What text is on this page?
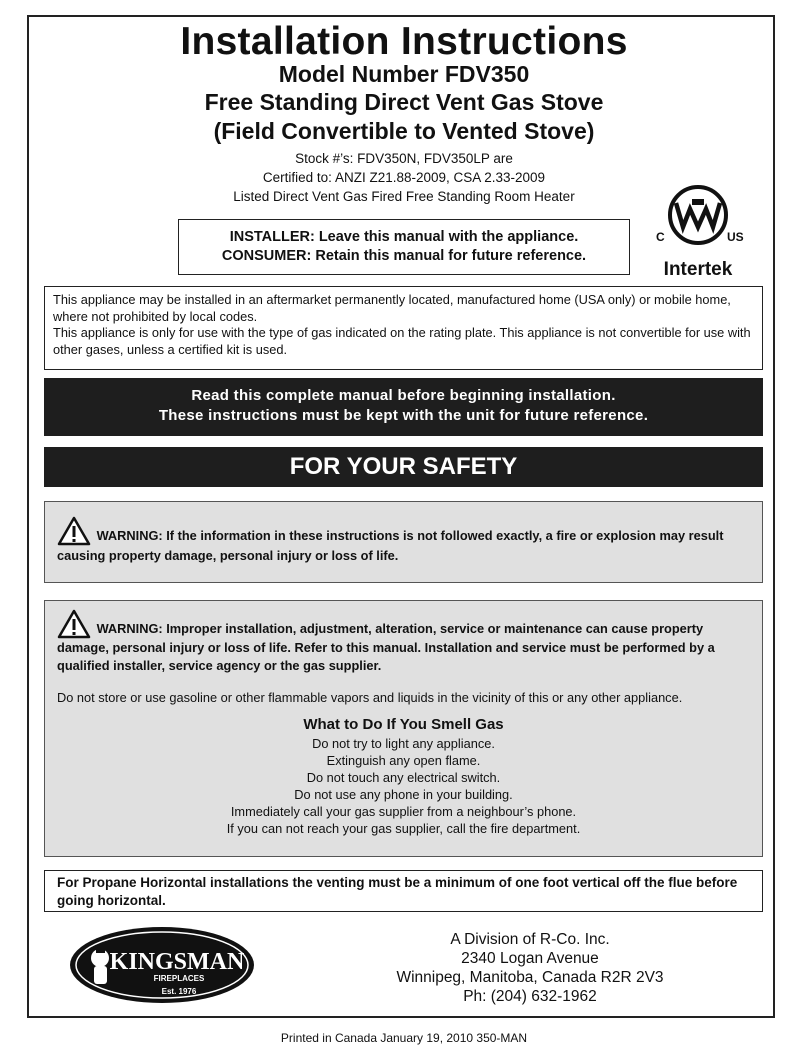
Installation Instructions
Model Number FDV350
Free Standing Direct Vent Gas Stove
(Field Convertible to Vented Stove)
Stock #’s: FDV350N, FDV350LP are
Certified to: ANZI Z21.88-2009, CSA 2.33-2009
Listed Direct Vent Gas Fired Free Standing Room Heater
INSTALLER: Leave this manual with the appliance.
CONSUMER: Retain this manual for future reference.
C	US
Intertek

This appliance may be installed in an aftermarket permanently located, manufactured home (USA only) or mobile home, where not prohibited by local codes.

This appliance is only for use with the type of gas indicated on the rating plate. This appliance is not convertible for use with other gases, unless a certified kit is used.

Read this complete manual before beginning installation.
These instructions must be kept with the unit for future reference.
FOR YOUR SAFETY
WARNING: If the information in these instructions is not followed exactly, a fire or explosion may result causing property damage, personal injury or loss of life.

WARNING: Improper installation, adjustment, alteration, service or maintenance can cause property damage, personal injury or loss of life. Refer to this manual. Installation and service must be performed by a qualified installer, service agency or the gas supplier.

Do not store or use gasoline or other flammable vapors and liquids in the vicinity of this or any other appliance.

What to Do If You Smell Gas
Do not try to light any appliance.
Extinguish any open flame.
Do not touch any electrical switch.
Do not use any phone in your building.
Immediately call your gas supplier from a neighbour’s phone.
If you can not reach your gas supplier, call the fire department.
For Propane Horizontal installations the venting must be a minimum of one foot vertical off the flue before going horizontal.
KINGSMAN
FIREPLACES
Est. 1976
A Division of R-Co. Inc.
2340 Logan Avenue
Winnipeg, Manitoba, Canada R2R 2V3
Ph: (204) 632-1962
Printed in Canada January 19, 2010 350-MAN
